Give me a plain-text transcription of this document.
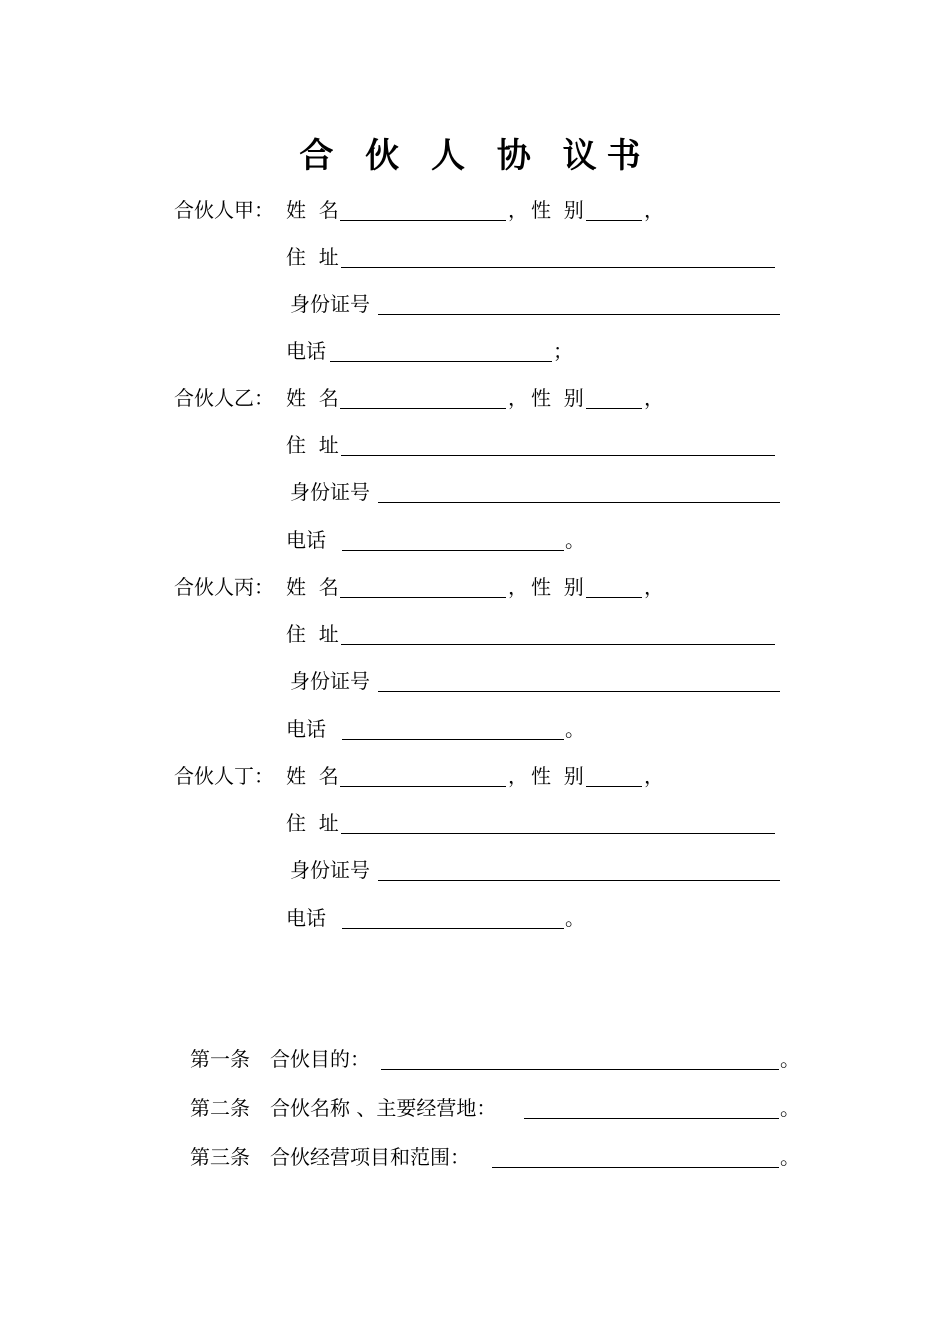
合 伙 人 协 议书
合伙人甲： 姓  名	， 性  别	，
住  址
身份证号
电话	；
合伙人乙： 姓  名	， 性  别	，
住  址
身份证号
电话	。
合伙人丙： 姓  名	， 性  别	，
住  址
身份证号
电话	。
合伙人丁： 姓  名	， 性  别	，
住  址
身份证号
电话	。
第一条 合伙目的：	。
第二条 合伙名称 、主要经营地：	。
第三条 合伙经营项目和范围：	。
